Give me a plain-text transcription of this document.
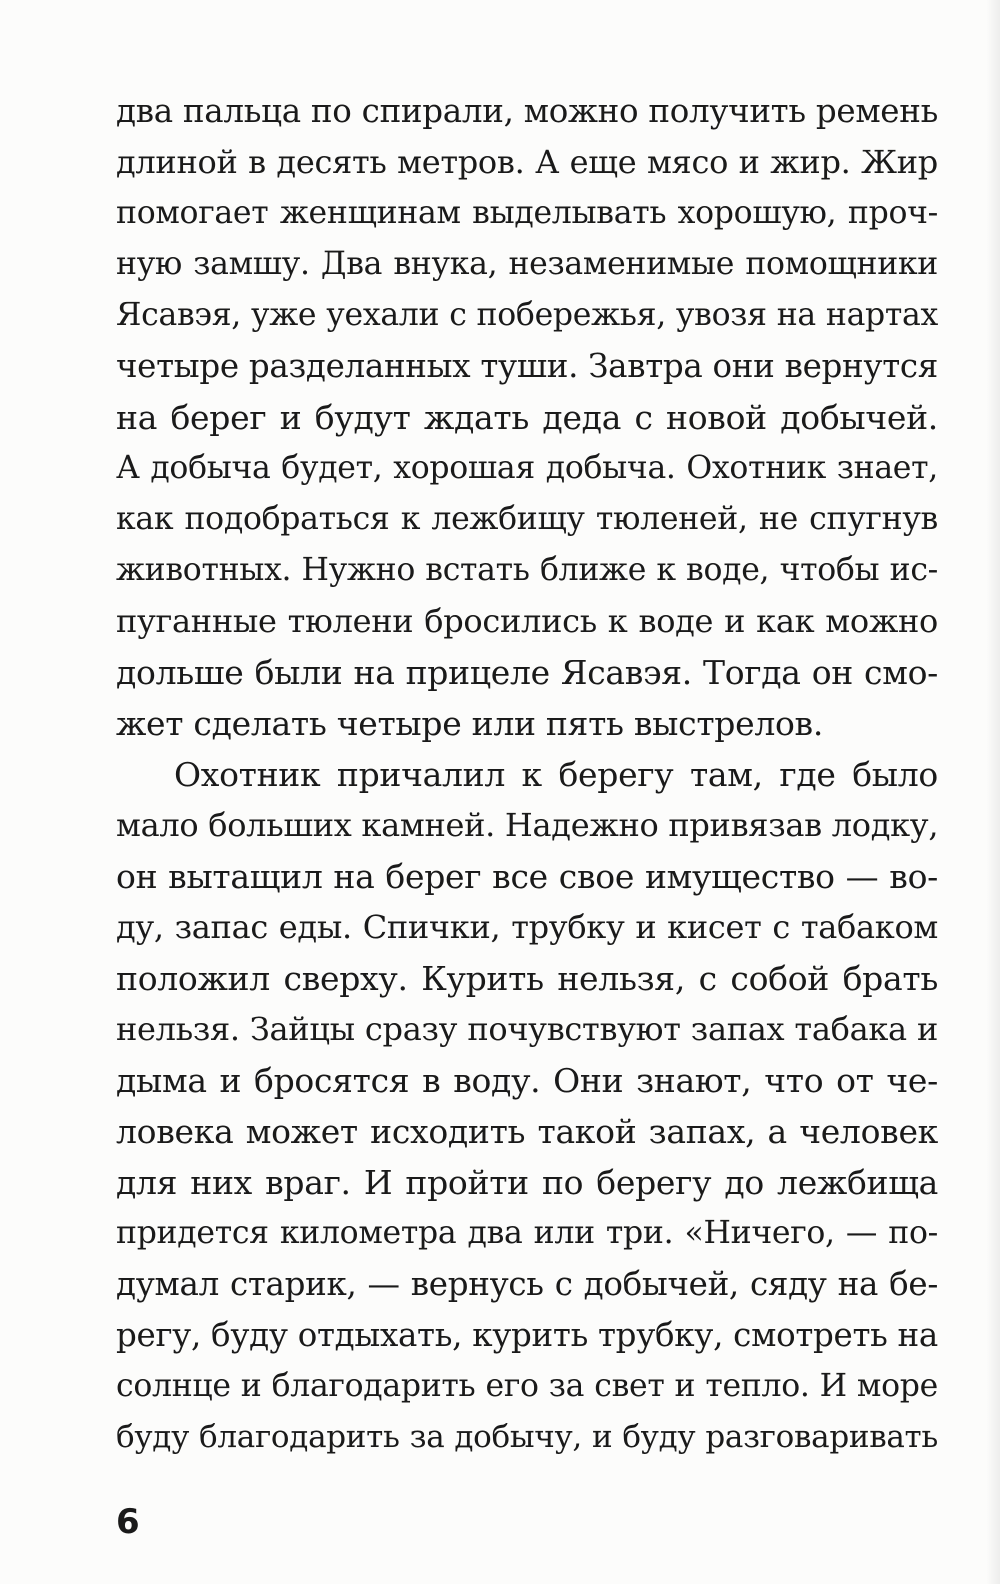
два пальца по спирали, можно получить ремень
длиной в десять метров. А еще мясо и жир. Жир
помогает женщинам выделывать хорошую, проч-
ную замшу. Два внука, незаменимые помощники
Ясавэя, уже уехали с побережья, увозя на нартах
четыре разделанных туши. Завтра они вернутся
на берег и будут ждать деда с новой добычей.
А добыча будет, хорошая добыча. Охотник знает,
как подобраться к лежбищу тюленей, не спугнув
животных. Нужно встать ближе к воде, чтобы ис-
пуганные тюлени бросились к воде и как можно
дольше были на прицеле Ясавэя. Тогда он смо-
жет сделать четыре или пять выстрелов.
Охотник причалил к берегу там, где было
мало больших камней. Надежно привязав лодку,
он вытащил на берег все свое имущество — во-
ду, запас еды. Спички, трубку и кисет с табаком
положил сверху. Курить нельзя, с собой брать
нельзя. Зайцы сразу почувствуют запах табака и
дыма и бросятся в воду. Они знают, что от че-
ловека может исходить такой запах, а человек
для них враг. И пройти по берегу до лежбища
придется километра два или три. «Ничего, — по-
думал старик, — вернусь с добычей, сяду на бе-
регу, буду отдыхать, курить трубку, смотреть на
солнце и благодарить его за свет и тепло. И море
буду благодарить за добычу, и буду разговаривать
6
